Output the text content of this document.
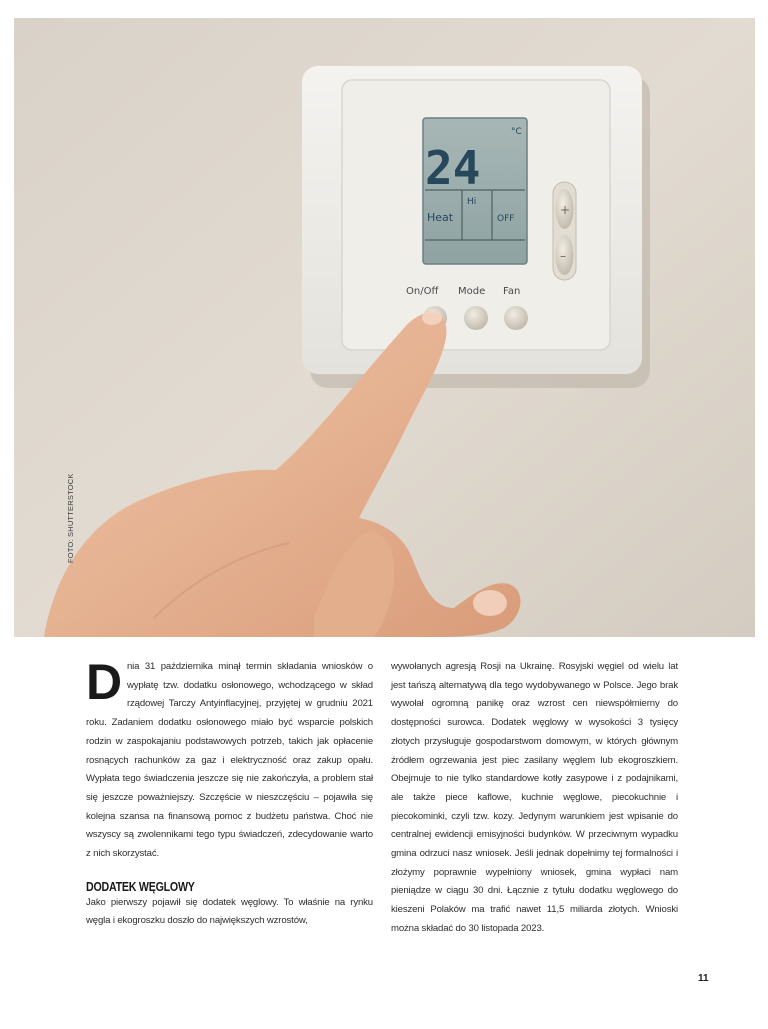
24
°C
Heat
Hi
OFF
+
–
On/Off Mode Fan
FOTO: SHUTTERSTOCK
D nia 31 października minął termin składania wniosków o wypłatę tzw. dodatku osłonowego, wchodzącego w skład rządowej Tarczy Antyinflacyjnej, przyjętej w grudniu 2021 roku. Zadaniem dodatku osłonowego miało być wsparcie polskich rodzin w zaspokajaniu podstawowych potrzeb, takich jak opłacenie rosnących rachunków za gaz i elektryczność oraz zakup opału. Wypłata tego świadczenia jeszcze się nie zakończyła, a problem stał się jeszcze poważniejszy. Szczęście w nieszczęściu – pojawiła się kolejna szansa na finansową pomoc z budżetu państwa. Choć nie wszyscy są zwolennikami tego typu świadczeń, zdecydowanie warto z nich skorzystać.

DODATEK WĘGLOWY

Jako pierwszy pojawił się dodatek węglowy. To właśnie na rynku węgla i ekogroszku doszło do największych wzrostów,

wywołanych agresją Rosji na Ukrainę. Rosyjski węgiel od wielu lat jest tańszą alternatywą dla tego wydobywanego w Polsce. Jego brak wywołał ogromną panikę oraz wzrost cen niewspółmierny do dostępności surowca. Dodatek węglowy w wysokości 3 tysięcy złotych przysługuje gospodarstwom domowym, w których głównym źródłem ogrzewania jest piec zasilany węglem lub ekogroszkiem. Obejmuje to nie tylko standardowe kotły zasypowe i z podajnikami, ale także piece kaflowe, kuchnie węglowe, piecokuchnie i piecokominki, czyli tzw. kozy. Jedynym warunkiem jest wpisanie do centralnej ewidencji emisyjności budynków. W przeciwnym wypadku gmina odrzuci nasz wniosek. Jeśli jednak dopełnimy tej formalności i złożymy poprawnie wypełniony wniosek, gmina wypłaci nam pieniądze w ciągu 30 dni. Łącznie z tytułu dodatku węglowego do kieszeni Polaków ma trafić nawet 11,5 miliarda złotych. Wnioski można składać do 30 listopada 2023.

11
